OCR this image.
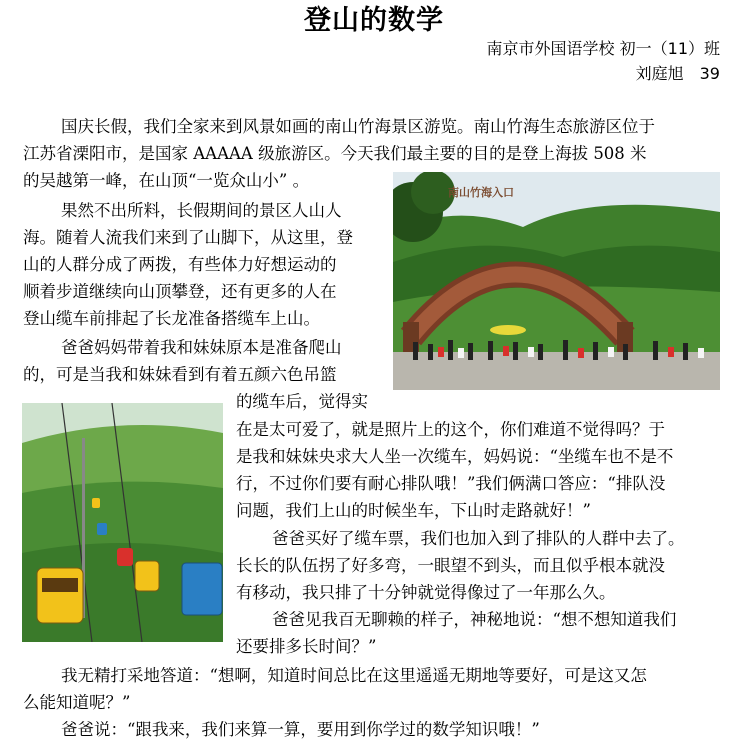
登山的数学
南京市外国语学校 初一（11）班
刘庭旭　39
国庆长假，我们全家来到风景如画的南山竹海景区游览。南山竹海生态旅游区位于
江苏省溧阳市，是国家 AAAAA 级旅游区。今天我们最主要的目的是登上海拔 508 米
的吴越第一峰，在山顶“一览众山小” 。
果然不出所料，长假期间的景区人山人
海。随着人流我们来到了山脚下，从这里，登
山的人群分成了两拨，有些体力好想运动的
顺着步道继续向山顶攀登，还有更多的人在
登山缆车前排起了长龙准备搭缆车上山。
爸爸妈妈带着我和妹妹原本是准备爬山
的，可是当我和妹妹看到有着五颜六色吊篮
的缆车后，觉得实
在是太可爱了，就是照片上的这个，你们难道不觉得吗？于
是我和妹妹央求大人坐一次缆车，妈妈说：“坐缆车也不是不
行，不过你们要有耐心排队哦！”我们俩满口答应：“排队没
问题，我们上山的时候坐车，下山时走路就好！”
爸爸买好了缆车票，我们也加入到了排队的人群中去了。
长长的队伍拐了好多弯，一眼望不到头，而且似乎根本就没
有移动，我只排了十分钟就觉得像过了一年那么久。
爸爸见我百无聊赖的样子，神秘地说：“想不想知道我们
还要排多长时间？”
我无精打采地答道：“想啊，知道时间总比在这里遥遥无期地等要好，可是这又怎
么能知道呢？”
爸爸说：“跟我来，我们来算一算，要用到你学过的数学知识哦！”
南山竹海入口
